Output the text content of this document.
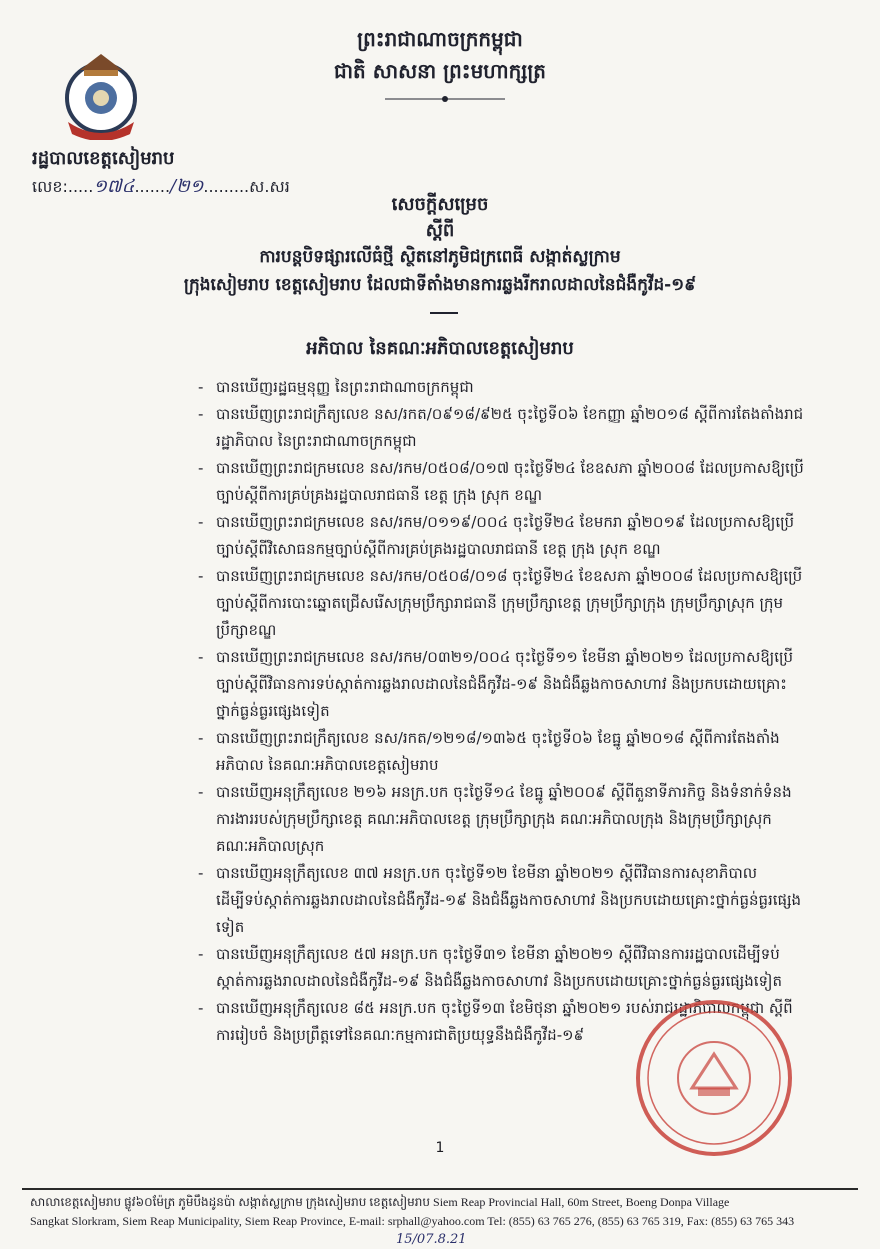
ព្រះរាជាណាចក្រកម្ពុជា
ជាតិ សាសនា ព្រះមហាក្សត្រ
រដ្ឋបាលខេត្តសៀមរាប
លេខ:.....១៧៤......./២១.........ស.សរ
សេចក្តីសម្រេច
ស្តីពី
ការបន្តបិទផ្សារលើធំថ្មី ស្ថិតនៅភូមិជក្រពេធី សង្កាត់ស្លក្រាម
ក្រុងសៀមរាប ខេត្តសៀមរាប ដែលជាទីតាំងមានការឆ្លងរីករាលដាលនៃជំងឺកូវីដ-១៩
អភិបាល នៃគណៈអភិបាលខេត្តសៀមរាប

- បានឃើញរដ្ឋធម្មនុញ្ញ នៃព្រះរាជាណាចក្រកម្ពុជា

- បានឃើញព្រះរាជក្រឹត្យលេខ នស/រកត/០៩១៨/៩២៥ ចុះថ្ងៃទី០៦ ខែកញ្ញា ឆ្នាំ២០១៨ ស្តីពីការតែងតាំងរាជរដ្ឋាភិបាល នៃព្រះរាជាណាចក្រកម្ពុជា

- បានឃើញព្រះរាជក្រមលេខ នស/រកម/០៥០៨/០១៧ ចុះថ្ងៃទី២៤ ខែឧសភា ឆ្នាំ២០០៨ ដែលប្រកាសឱ្យប្រើច្បាប់ស្តីពីការគ្រប់គ្រងរដ្ឋបាលរាជធានី ខេត្ត ក្រុង ស្រុក ខណ្ឌ

- បានឃើញព្រះរាជក្រមលេខ នស/រកម/០១១៩/០០៤ ចុះថ្ងៃទី២៤ ខែមករា ឆ្នាំ២០១៩ ដែលប្រកាសឱ្យប្រើច្បាប់ស្តីពីវិសោធនកម្មច្បាប់ស្តីពីការគ្រប់គ្រងរដ្ឋបាលរាជធានី ខេត្ត ក្រុង ស្រុក ខណ្ឌ

- បានឃើញព្រះរាជក្រមលេខ នស/រកម/០៥០៨/០១៨ ចុះថ្ងៃទី២៤ ខែឧសភា ឆ្នាំ២០០៨ ដែលប្រកាសឱ្យប្រើច្បាប់ស្តីពីការបោះឆ្នោតជ្រើសរើសក្រុមប្រឹក្សារាជធានី ក្រុមប្រឹក្សាខេត្ត ក្រុមប្រឹក្សាក្រុង ក្រុមប្រឹក្សាស្រុក ក្រុមប្រឹក្សាខណ្ឌ

- បានឃើញព្រះរាជក្រមលេខ នស/រកម/០៣២១/០០៤ ចុះថ្ងៃទី១១ ខែមីនា ឆ្នាំ២០២១ ដែលប្រកាសឱ្យប្រើច្បាប់ស្តីពីវិធានការទប់ស្កាត់ការឆ្លងរាលដាលនៃជំងឺកូវីដ-១៩ និងជំងឺឆ្លងកាចសាហាវ និងប្រកបដោយគ្រោះថ្នាក់ធ្ងន់ធ្ងរផ្សេងទៀត

- បានឃើញព្រះរាជក្រឹត្យលេខ នស/រកត/១២១៨/១៣៦៥ ចុះថ្ងៃទី០៦ ខែធ្នូ ឆ្នាំ២០១៨ ស្តីពីការតែងតាំងអភិបាល នៃគណៈអភិបាលខេត្តសៀមរាប

- បានឃើញអនុក្រឹត្យលេខ ២១៦ អនក្រ.បក ចុះថ្ងៃទី១៤ ខែធ្នូ ឆ្នាំ២០០៩ ស្តីពីតួនាទីភារកិច្ច និងទំនាក់ទំនងការងាររបស់ក្រុមប្រឹក្សាខេត្ត គណៈអភិបាលខេត្ត ក្រុមប្រឹក្សាក្រុង គណៈអភិបាលក្រុង និងក្រុមប្រឹក្សាស្រុក គណៈអភិបាលស្រុក

- បានឃើញអនុក្រឹត្យលេខ ៣៧ អនក្រ.បក ចុះថ្ងៃទី១២ ខែមីនា ឆ្នាំ២០២១ ស្តីពីវិធានការសុខាភិបាល ដើម្បីទប់ស្កាត់ការឆ្លងរាលដាលនៃជំងឺកូវីដ-១៩ និងជំងឺឆ្លងកាចសាហាវ និងប្រកបដោយគ្រោះថ្នាក់ធ្ងន់ធ្ងរផ្សេងទៀត

- បានឃើញអនុក្រឹត្យលេខ ៥៧ អនក្រ.បក ចុះថ្ងៃទី៣១ ខែមីនា ឆ្នាំ២០២១ ស្តីពីវិធានការរដ្ឋបាលដើម្បីទប់ស្កាត់ការឆ្លងរាលដាលនៃជំងឺកូវីដ-១៩ និងជំងឺឆ្លងកាចសាហាវ និងប្រកបដោយគ្រោះថ្នាក់ធ្ងន់ធ្ងរផ្សេងទៀត

- បានឃើញអនុក្រឹត្យលេខ ៨៥ អនក្រ.បក ចុះថ្ងៃទី១៣ ខែមិថុនា ឆ្នាំ២០២១ របស់រាជរដ្ឋាភិបាលកម្ពុជា ស្តីពីការរៀបចំ និងប្រព្រឹត្តទៅនៃគណៈកម្មការជាតិប្រយុទ្ធនឹងជំងឺកូវីដ-១៩

1
សាលាខេត្តសៀមរាប ផ្លូវ៦០ម៉ែត្រ ភូមិបឹងដូនប៉ា សង្កាត់ស្លក្រាម ក្រុងសៀមរាប ខេត្តសៀមរាប Siem Reap Provincial Hall, 60m Street, Boeng Donpa Village
Sangkat Slorkram, Siem Reap Municipality, Siem Reap Province, E-mail: srphall@yahoo.com Tel: (855) 63 765 276, (855) 63 765 319, Fax: (855) 63 765 343
15/07.8.21
